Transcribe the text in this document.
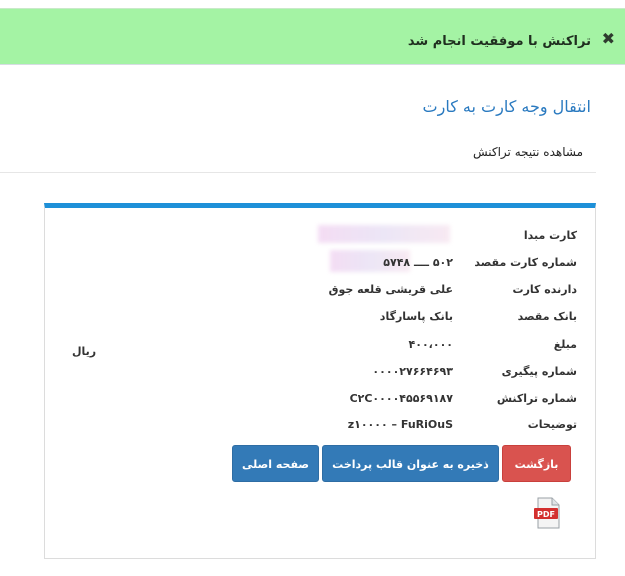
✖
تراکنش با موفقیت انجام شد
انتقال وجه کارت به کارت
مشاهده نتیجه تراکنش
کارت مبدا
شماره کارت مقصد
دارنده کارت
بانک مقصد
مبلغ
شماره پیگیری
شماره تراکنش
توضیحات
۵۰۲ ــــ ۵۷۴۸
علی قریشی قلعه جوق
بانک پاسارگاد
۴۰۰،۰۰۰
۰۰۰۰۲۷۶۶۴۶۹۳
C۲C۰۰۰۰۴۵۵۶۹۱۸۷
z۱۰۰۰۰ – FuRiOuS
ریال
بازگشت
ذخیره به عنوان قالب پرداخت
صفحه اصلی
PDF
